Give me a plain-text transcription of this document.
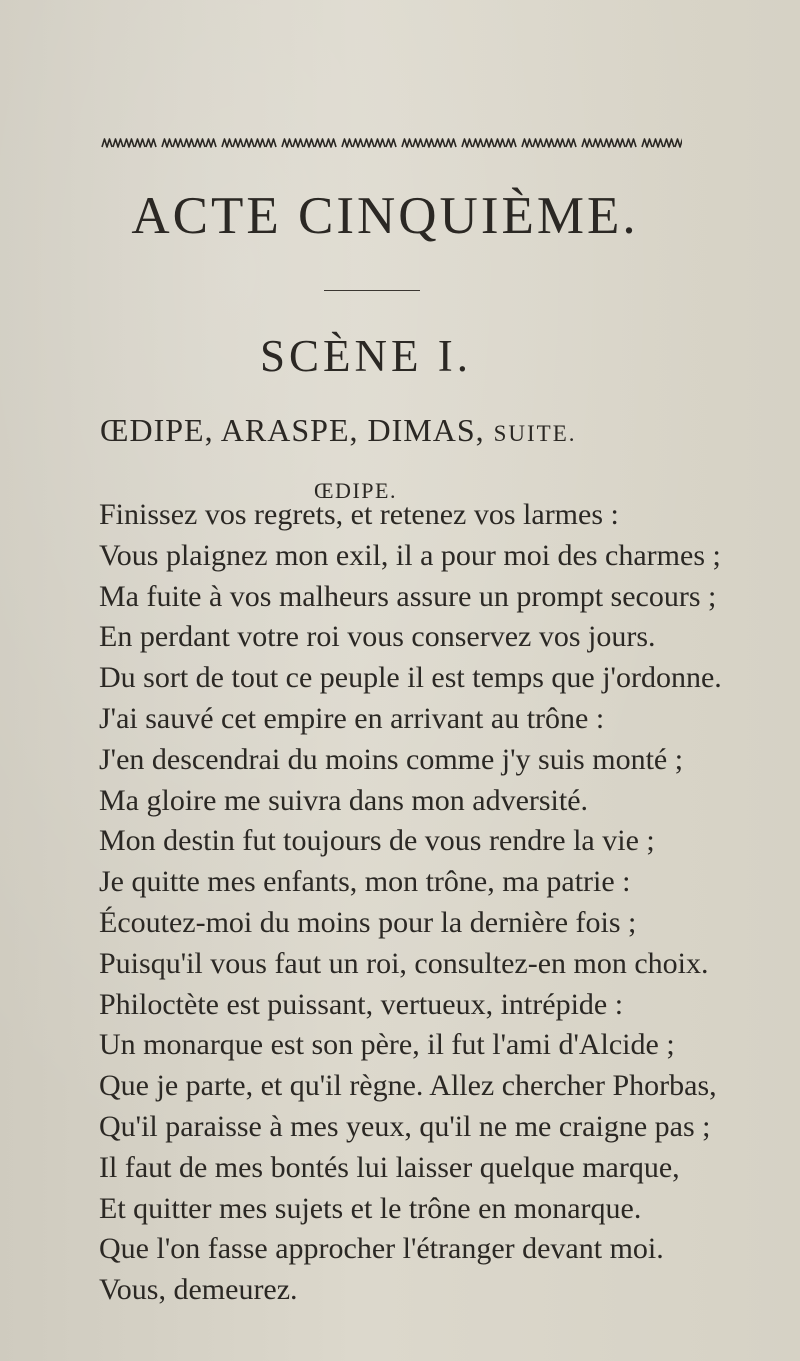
ACTE CINQUIÈME.
SCÈNE I.
ŒDIPE, ARASPE, DIMAS, SUITE.
ŒDIPE.
Finissez vos regrets, et retenez vos larmes :
Vous plaignez mon exil, il a pour moi des charmes ;
Ma fuite à vos malheurs assure un prompt secours ;
En perdant votre roi vous conservez vos jours.
Du sort de tout ce peuple il est temps que j'ordonne.
J'ai sauvé cet empire en arrivant au trône :
J'en descendrai du moins comme j'y suis monté ;
Ma gloire me suivra dans mon adversité.
Mon destin fut toujours de vous rendre la vie ;
Je quitte mes enfants, mon trône, ma patrie :
Écoutez-moi du moins pour la dernière fois ;
Puisqu'il vous faut un roi, consultez-en mon choix.
Philoctète est puissant, vertueux, intrépide :
Un monarque est son père, il fut l'ami d'Alcide ;
Que je parte, et qu'il règne. Allez chercher Phorbas,
Qu'il paraisse à mes yeux, qu'il ne me craigne pas ;
Il faut de mes bontés lui laisser quelque marque,
Et quitter mes sujets et le trône en monarque.
Que l'on fasse approcher l'étranger devant moi.
Vous, demeurez.
